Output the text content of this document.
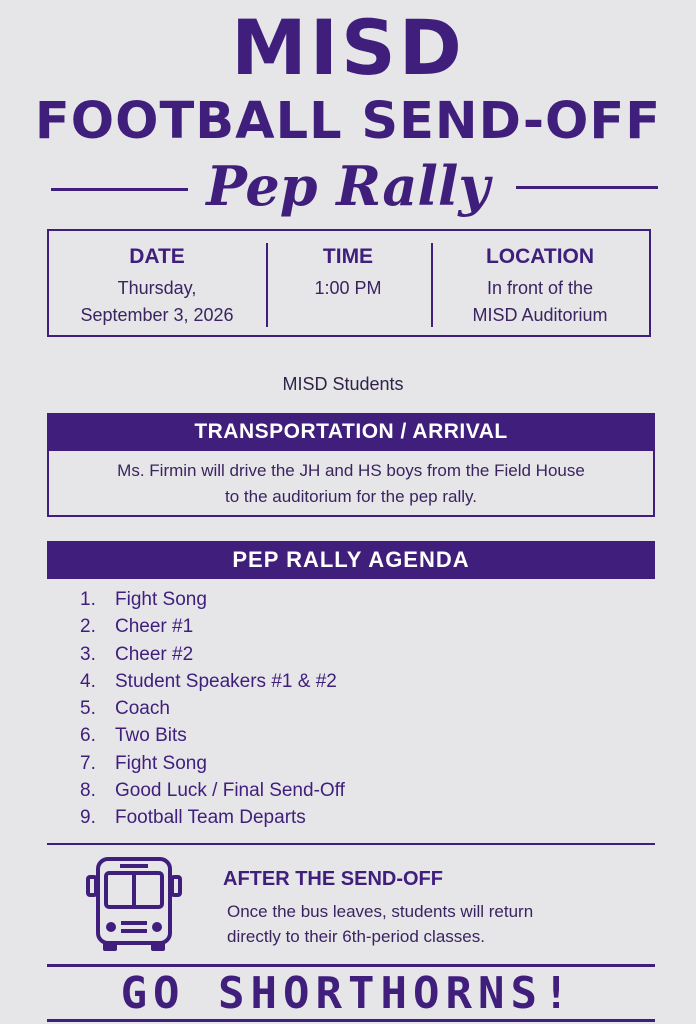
MISD
FOOTBALL SEND-OFF
Pep Rally
DATE
Thursday,
September 3, 2026
TIME
1:00 PM
LOCATION
In front of the
MISD Auditorium
MISD Students
TRANSPORTATION / ARRIVAL
Ms. Firmin will drive the JH and HS boys from the Field House
to the auditorium for the pep rally.
PEP RALLY AGENDA
1. Fight Song
2. Cheer #1
3. Cheer #2
4. Student Speakers #1 & #2
5. Coach
6. Two Bits
7. Fight Song
8. Good Luck / Final Send-Off
9. Football Team Departs
AFTER THE SEND-OFF
Once the bus leaves, students will return
directly to their 6th-period classes.
GO SHORTHORNS!
